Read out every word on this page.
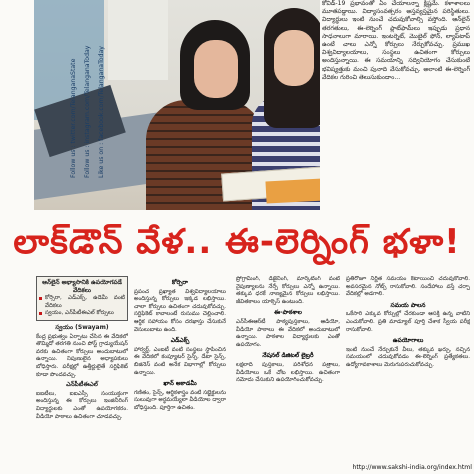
Follow us : twitter.com/TelanganaState	Follow us : instagram.com/TelanganaToday	Like us on : facebook.com/TelanganaToday

కోవిడ్-19 ప్రభావంతో ఏం చేయాలన్నా క్లిష్టమే. కళాశాలలు మూతపడ్డాయి. విద్యాసంవత్సరం అస్తవ్యస్తమైన పరిస్థితులు. విద్యార్థులు ఇంటి నుంచే చదువుకోవాల్సి వస్తోంది. ఆన్‌లైన్ తరగతులు, ఈ-లెర్నింగ్ ప్లాట్‌ఫామ్‌లు ఇప్పుడు ప్రధాన సాధనాలుగా మారాయి. ఇంటర్నెట్, మొబైల్ ఫోన్, ల్యాప్‌టాప్ ఉంటే చాలు ఎన్నో కోర్సులు నేర్చుకోవచ్చు. ప్రముఖ విశ్వవిద్యాలయాలు, సంస్థలు ఉచితంగా కోర్సులు అందిస్తున్నాయి. ఈ సమయాన్ని సద్వినియోగం చేసుకుంటే భవిష్యత్తుకు మంచి పునాది వేసుకోవచ్చు. అలాంటి ఈ-లెర్నింగ్ వేదికల గురించి తెలుసుకుందాం...

లాక్‌డౌన్ వేళ.. ఈ-లెర్నింగ్ భళా!
ఆన్‌లైన్ అభ్యాసానికి ఉపయోగపడే వేదికలు
కోర్సెరా, ఎడ్ఎక్స్, ఉడెమీ వంటి వేదికలు
స్వయం, ఎన్‌పీటీఈఎల్ కోర్సులు
స్వయం (Swayam)

కేంద్ర ప్రభుత్వం ఏర్పాటు చేసిన ఈ వేదికలో తొమ్మిదో తరగతి నుంచి పోస్ట్ గ్రాడ్యుయేషన్ వరకు ఉచితంగా కోర్సులు అందుబాటులో ఉన్నాయి. నిపుణులైన అధ్యాపకులు బోధిస్తారు. పరీక్షల్లో ఉత్తీర్ణులైతే సర్టిఫికెట్ కూడా పొందవచ్చు.

ఎన్‌పీటీఈఎల్

ఐఐటీలు, ఐఐఎస్సీ సంయుక్తంగా అందిస్తున్న ఈ కోర్సులు ఇంజినీరింగ్ విద్యార్థులకు ఎంతో ఉపయోగకరం. వీడియో పాఠాలు ఉచితంగా చూడవచ్చు.

కోర్సెరా

ప్రపంచ ప్రఖ్యాత విశ్వవిద్యాలయాలు అందిస్తున్న కోర్సులు ఇక్కడ లభిస్తాయి. చాలా కోర్సులు ఉచితంగా చదువుకోవచ్చు. సర్టిఫికెట్ కావాలంటే రుసుము చెల్లించాలి. ఆర్థిక సహాయం కోసం దరఖాస్తు చేసుకునే వెసులుబాటు ఉంది.

ఎడ్ఎక్స్

హార్వర్డ్, ఎంఐటీ వంటి సంస్థలు స్థాపించిన ఈ వేదికలో కంప్యూటర్ సైన్స్, డేటా సైన్స్, బిజినెస్ వంటి అనేక విభాగాల్లో కోర్సులు ఉన్నాయి.

ఖాన్ అకాడమీ

గణితం, సైన్స్, ఆర్థికశాస్త్రం వంటి సబ్జెక్టులను సులువుగా అర్థమయ్యేలా వీడియోల ద్వారా బోధిస్తుంది. పూర్తిగా ఉచితం.

ప్రోగ్రామింగ్, డిజైనింగ్, మార్కెటింగ్ వంటి నైపుణ్యాలను నేర్పే కోర్సులు ఎన్నో ఉన్నాయి. తక్కువ ధరకే నాణ్యమైన కోర్సులు లభిస్తాయి. జీవితకాలం యాక్సెస్ ఉంటుంది.

ఈ-పాఠశాల

ఎన్‌సీఈఆర్‌టీ పాఠ్యపుస్తకాలు, ఆడియో, వీడియో పాఠాలు ఈ వేదికలో అందుబాటులో ఉన్నాయి. పాఠశాల విద్యార్థులకు ఎంతో ఉపయోగం.

నేషనల్ డిజిటల్ లైబ్రరీ

లక్షలాది పుస్తకాలు, పరిశోధన పత్రాలు, వీడియోలు ఒకే చోట లభిస్తాయి. ఉచితంగా నమోదు చేసుకుని ఉపయోగించుకోవచ్చు.

ప్రతిరోజూ నిర్ణీత సమయం కేటాయించి చదువుకోవాలి. అవసరమైన నోట్స్ రాసుకోవాలి. సందేహాలు వస్తే చర్చా వేదికల్లో అడగాలి.

సమయ పాలన

ఒకేసారి ఎక్కువ కోర్సుల్లో చేరకుండా ఆసక్తి ఉన్న వాటిని ఎంచుకోవాలి. ప్రతి మాడ్యూల్ పూర్తి చేశాక స్వీయ పరీక్ష రాసుకోవాలి.

ఉపయోగాలు

ఇంటి నుంచే నేర్చుకునే వీలు, తక్కువ ఖర్చు, నచ్చిన సమయంలో చదువుకోవడం ఈ-లెర్నింగ్ ప్రత్యేకతలు. ఉద్యోగావకాశాలు మెరుగుపరుచుకోవచ్చు.

http://www.sakshi-india.org/index.html
